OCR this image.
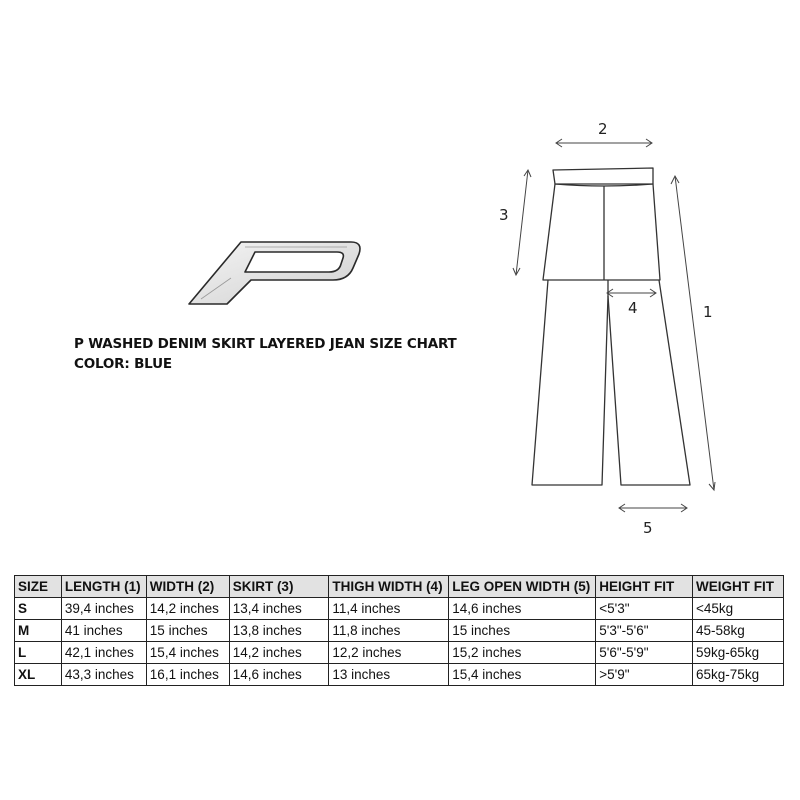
P WASHED DENIM SKIRT LAYERED JEAN SIZE CHART
COLOR: BLUE
1
2
3
4
5
SIZE	LENGTH (1)	WIDTH (2)	SKIRT (3)	THIGH WIDTH (4)	LEG OPEN WIDTH (5)	HEIGHT FIT	WEIGHT FIT
S	39,4 inches	14,2 inches	13,4 inches	11,4 inches	14,6 inches	<5'3"	<45kg
M	41 inches	15 inches	13,8 inches	11,8 inches	15 inches	5'3"-5'6"	45-58kg
L	42,1 inches	15,4 inches	14,2 inches	12,2 inches	15,2 inches	5'6"-5'9"	59kg-65kg
XL	43,3 inches	16,1 inches	14,6 inches	13 inches	15,4 inches	>5'9"	65kg-75kg
